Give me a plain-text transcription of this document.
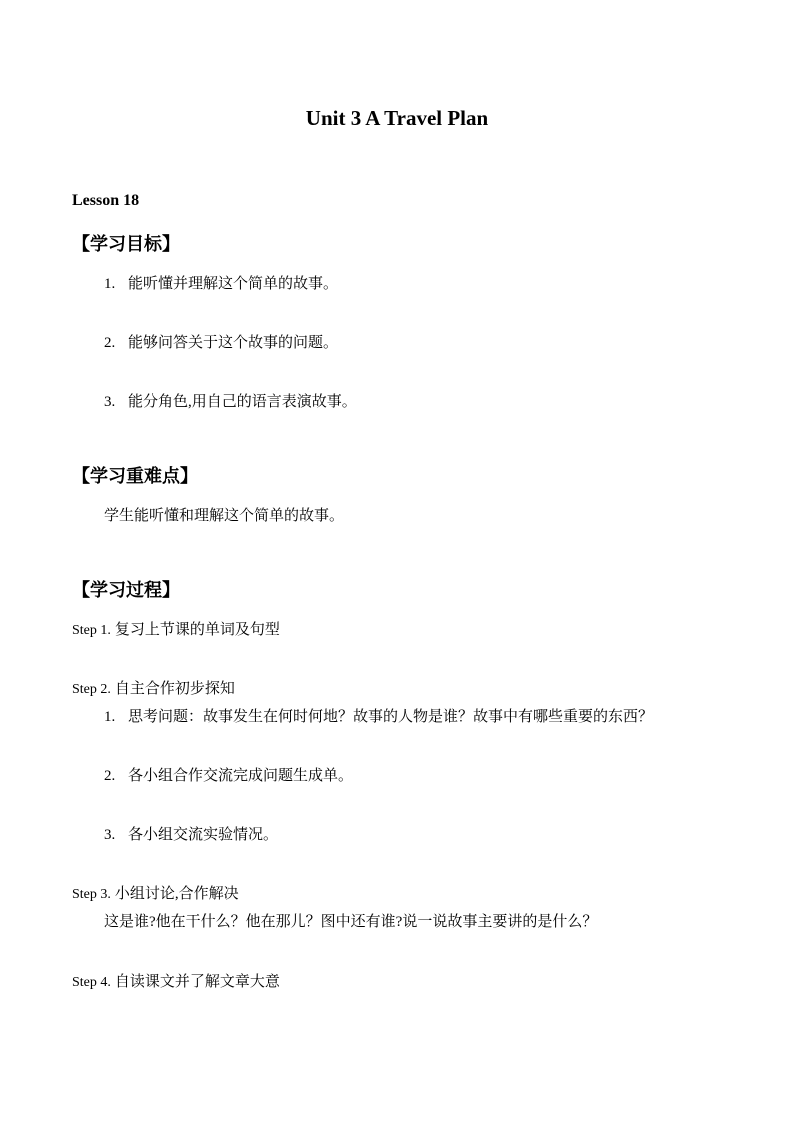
Unit 3 A Travel Plan
Lesson 18
【学习目标】
1. 能听懂并理解这个简单的故事。
2. 能够问答关于这个故事的问题。
3. 能分角色,用自己的语言表演故事。
【学习重难点】
学生能听懂和理解这个简单的故事。
【学习过程】
Step 1. 复习上节课的单词及句型
Step 2. 自主合作初步探知
1. 思考问题：故事发生在何时何地？故事的人物是谁？故事中有哪些重要的东西？
2. 各小组合作交流完成问题生成单。
3. 各小组交流实验情况。
Step 3. 小组讨论,合作解决
这是谁?他在干什么？他在那儿？图中还有谁?说一说故事主要讲的是什么？
Step 4. 自读课文并了解文章大意
